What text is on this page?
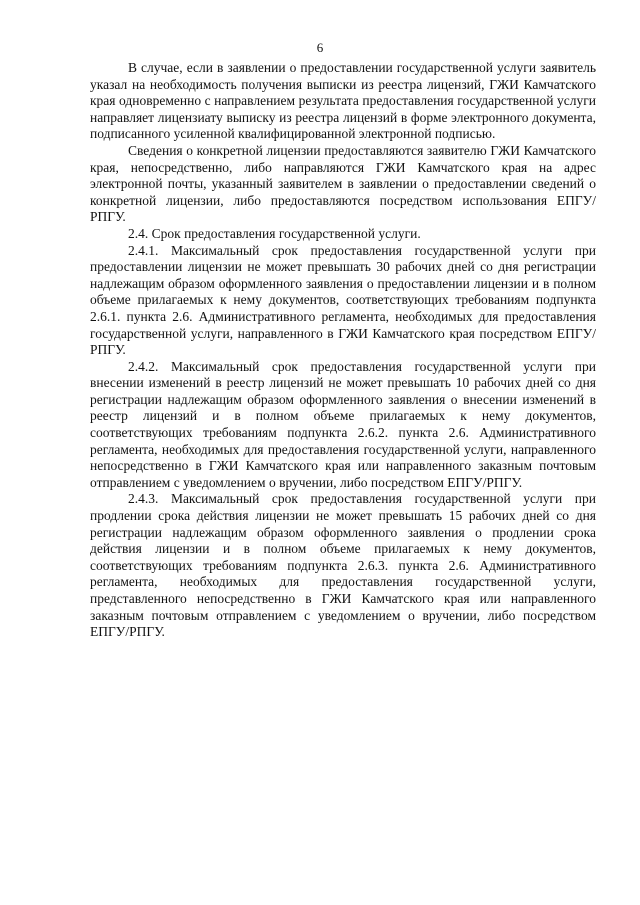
6

В случае, если в заявлении о предоставлении государственной услуги заявитель указал на необходимость получения выписки из реестра лицензий, ГЖИ Камчатского края одновременно с направлением результата предоставления государственной услуги направляет лицензиату выписку из реестра лицензий в форме электронного документа, подписанного усиленной квалифицированной электронной подписью.

Сведения о конкретной лицензии предоставляются заявителю ГЖИ Камчатского края, непосредственно, либо направляются ГЖИ Камчатского края на адрес электронной почты, указанный заявителем в заявлении о предоставлении сведений о конкретной лицензии, либо предоставляются посредством использования ЕПГУ/ РПГУ.

2.4. Срок предоставления государственной услуги.

2.4.1. Максимальный срок предоставления государственной услуги при предоставлении лицензии не может превышать 30 рабочих дней со дня регистрации надлежащим образом оформленного заявления о предоставлении лицензии и в полном объеме прилагаемых к нему документов, соответствующих требованиям подпункта 2.6.1. пункта 2.6. Административного регламента, необходимых для предоставления государственной услуги, направленного в ГЖИ Камчатского края посредством ЕПГУ/РПГУ.

2.4.2. Максимальный срок предоставления государственной услуги при внесении изменений в реестр лицензий не может превышать 10 рабочих дней со дня регистрации надлежащим образом оформленного заявления о внесении изменений в реестр лицензий и в полном объеме прилагаемых к нему документов, соответствующих требованиям подпункта 2.6.2. пункта 2.6. Административного регламента, необходимых для предоставления государственной услуги, направленного непосредственно в ГЖИ Камчатского края или направленного заказным почтовым отправлением с уведомлением о вручении, либо посредством ЕПГУ/РПГУ.

2.4.3. Максимальный срок предоставления государственной услуги при продлении срока действия лицензии не может превышать 15 рабочих дней со дня регистрации надлежащим образом оформленного заявления о продлении срока действия лицензии и в полном объеме прилагаемых к нему документов, соответствующих требованиям подпункта 2.6.3. пункта 2.6. Административного регламента, необходимых для предоставления государственной услуги, представленного непосредственно в ГЖИ Камчатского края или направленного заказным почтовым отправлением с уведомлением о вручении, либо посредством ЕПГУ/РПГУ.
